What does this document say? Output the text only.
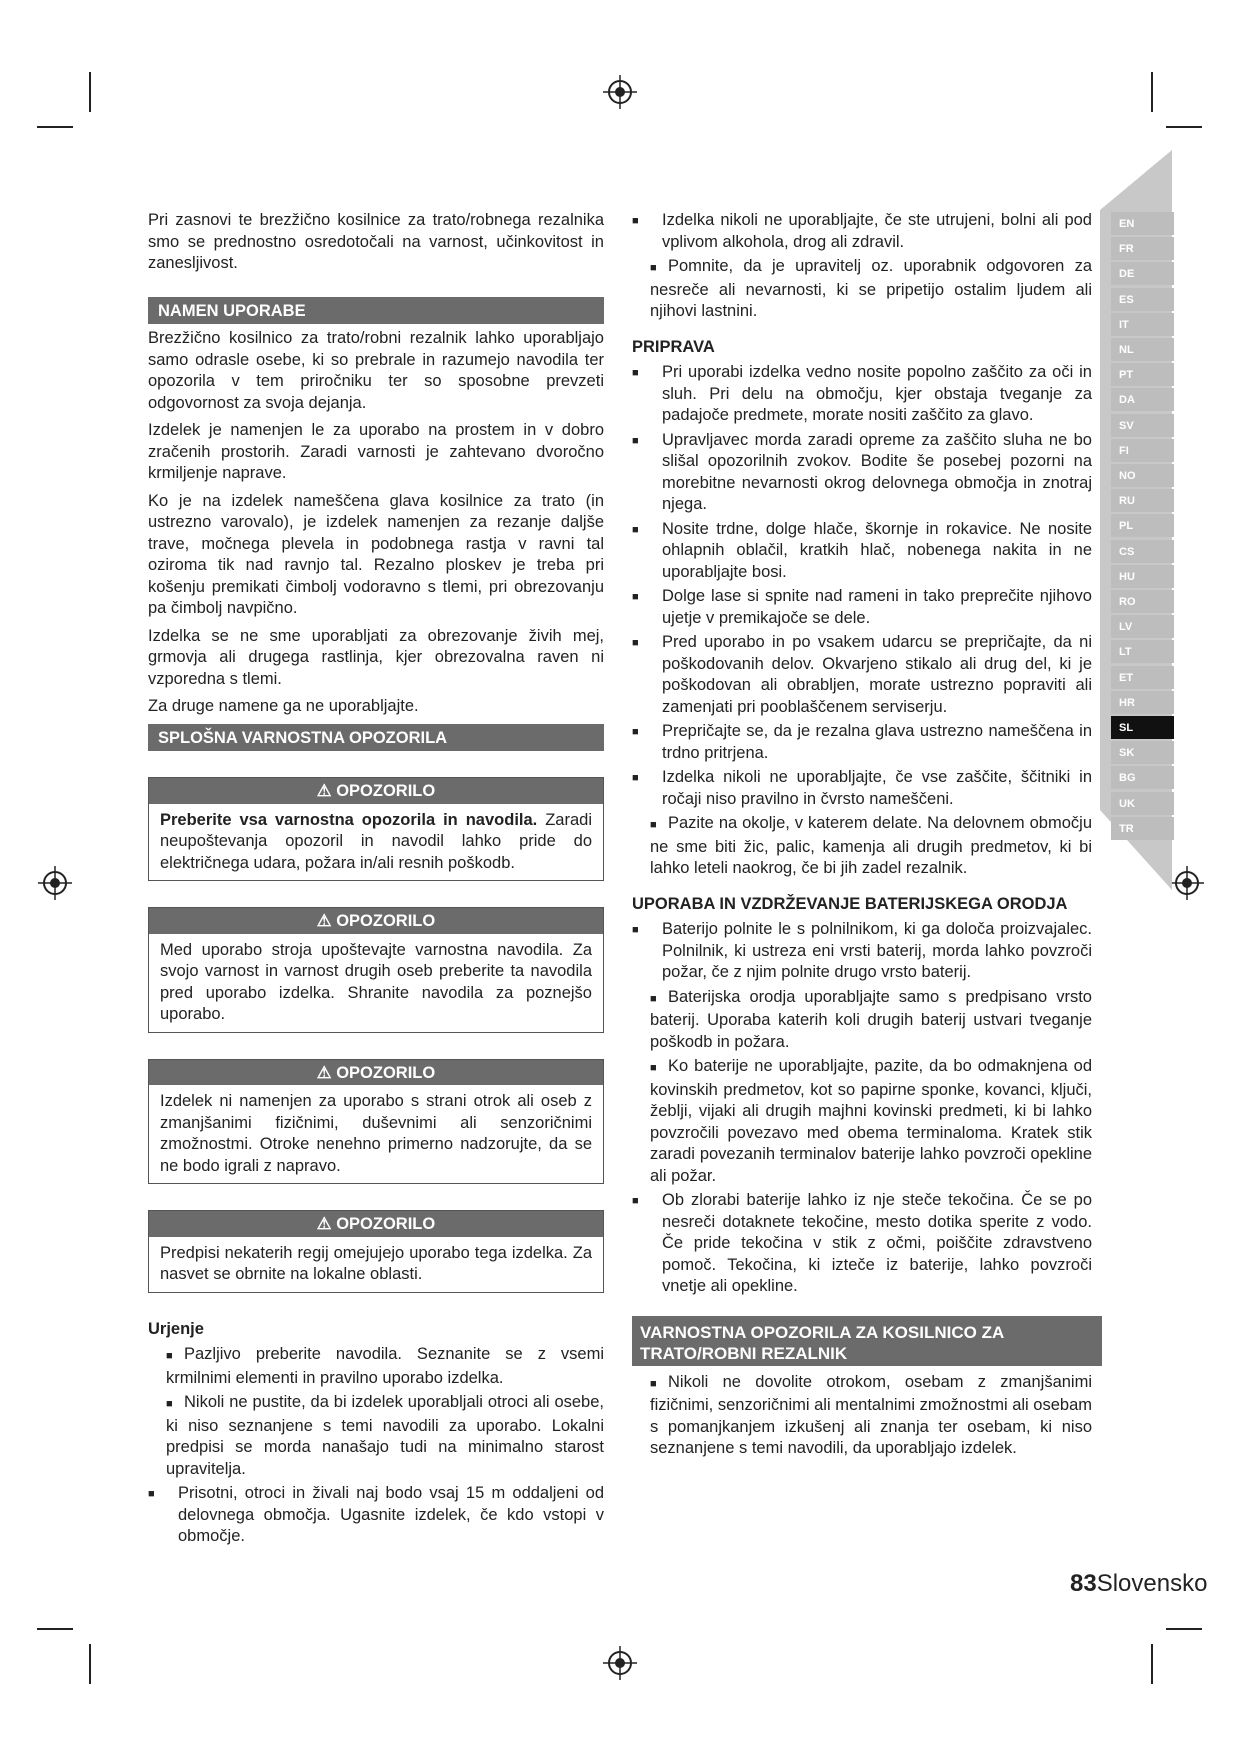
EN
FR
DE
ES
IT
NL
PT
DA
SV
FI
NO
RU
PL
CS
HU
RO
LV
LT
ET
HR
SL
SK
BG
UK
TR

Pri zasnovi te brezžično kosilnice za trato/robnega rezalnika smo se prednostno osredotočali na varnost, učinkovitost in zanesljivost.

NAMEN UPORABE

Brezžično kosilnico za trato/robni rezalnik lahko uporabljajo samo odrasle osebe, ki so prebrale in razumejo navodila ter opozorila v tem priročniku ter so sposobne prevzeti odgovornost za svoja dejanja.

Izdelek je namenjen le za uporabo na prostem in v dobro zračenih prostorih. Zaradi varnosti je zahtevano dvoročno krmiljenje naprave.

Ko je na izdelek nameščena glava kosilnice za trato (in ustrezno varovalo), je izdelek namenjen za rezanje daljše trave, močnega plevela in podobnega rastja v ravni tal oziroma tik nad ravnjo tal. Rezalno ploskev je treba pri košenju premikati čimbolj vodoravno s tlemi, pri obrezovanju pa čimbolj navpično.

Izdelka se ne sme uporabljati za obrezovanje živih mej, grmovja ali drugega rastlinja, kjer obrezovalna raven ni vzporedna s tlemi.

Za druge namene ga ne uporabljajte.

SPLOŠNA VARNOSTNA OPOZORILA
⚠ OPOZORILO
Preberite vsa varnostna opozorila in navodila. Zaradi neupoštevanja opozoril in navodil lahko pride do električnega udara, požara in/ali resnih poškodb.
⚠ OPOZORILO
Med uporabo stroja upoštevajte varnostna navodila. Za svojo varnost in varnost drugih oseb preberite ta navodila pred uporabo izdelka. Shranite navodila za poznejšo uporabo.
⚠ OPOZORILO
Izdelek ni namenjen za uporabo s strani otrok ali oseb z zmanjšanimi fizičnimi, duševnimi ali senzoričnimi zmožnostmi. Otroke nenehno primerno nadzorujte, da se ne bodo igrali z napravo.
⚠ OPOZORILO
Predpisi nekaterih regij omejujejo uporabo tega izdelka. Za nasvet se obrnite na lokalne oblasti.
Urjenje
■ Pazljivo preberite navodila. Seznanite se z vsemi krmilnimi elementi in pravilno uporabo izdelka.
■ Nikoli ne pustite, da bi izdelek uporabljali otroci ali osebe, ki niso seznanjene s temi navodili za uporabo. Lokalni predpisi se morda nanašajo tudi na minimalno starost upravitelja.
■ Prisotni, otroci in živali naj bodo vsaj 15 m oddaljeni od delovnega območja. Ugasnite izdelek, če kdo vstopi v območje.
■ Izdelka nikoli ne uporabljajte, če ste utrujeni, bolni ali pod vplivom alkohola, drog ali zdravil.
■ Pomnite, da je upravitelj oz. uporabnik odgovoren za nesreče ali nevarnosti, ki se pripetijo ostalim ljudem ali njihovi lastnini.
PRIPRAVA
■ Pri uporabi izdelka vedno nosite popolno zaščito za oči in sluh. Pri delu na območju, kjer obstaja tveganje za padajoče predmete, morate nositi zaščito za glavo.
■ Upravljavec morda zaradi opreme za zaščito sluha ne bo slišal opozorilnih zvokov. Bodite še posebej pozorni na morebitne nevarnosti okrog delovnega območja in znotraj njega.
■ Nosite trdne, dolge hlače, škornje in rokavice. Ne nosite ohlapnih oblačil, kratkih hlač, nobenega nakita in ne uporabljajte bosi.
■ Dolge lase si spnite nad rameni in tako preprečite njihovo ujetje v premikajoče se dele.
■ Pred uporabo in po vsakem udarcu se prepričajte, da ni poškodovanih delov. Okvarjeno stikalo ali drug del, ki je poškodovan ali obrabljen, morate ustrezno popraviti ali zamenjati pri pooblaščenem serviserju.
■ Prepričajte se, da je rezalna glava ustrezno nameščena in trdno pritrjena.
■ Izdelka nikoli ne uporabljajte, če vse zaščite, ščitniki in ročaji niso pravilno in čvrsto nameščeni.
■ Pazite na okolje, v katerem delate. Na delovnem območju ne sme biti žic, palic, kamenja ali drugih predmetov, ki bi lahko leteli naokrog, če bi jih zadel rezalnik.
UPORABA IN VZDRŽEVANJE BATERIJSKEGA ORODJA
■ Baterijo polnite le s polnilnikom, ki ga določa proizvajalec. Polnilnik, ki ustreza eni vrsti baterij, morda lahko povzroči požar, če z njim polnite drugo vrsto baterij.
■ Baterijska orodja uporabljajte samo s predpisano vrsto baterij. Uporaba katerih koli drugih baterij ustvari tveganje poškodb in požara.
■ Ko baterije ne uporabljajte, pazite, da bo odmaknjena od kovinskih predmetov, kot so papirne sponke, kovanci, ključi, žeblji, vijaki ali drugih majhni kovinski predmeti, ki bi lahko povzročili povezavo med obema terminaloma. Kratek stik zaradi povezanih terminalov baterije lahko povzroči opekline ali požar.
■ Ob zlorabi baterije lahko iz nje steče tekočina. Če se po nesreči dotaknete tekočine, mesto dotika sperite z vodo. Če pride tekočina v stik z očmi, poiščite zdravstveno pomoč. Tekočina, ki izteče iz baterije, lahko povzroči vnetje ali opekline.
VARNOSTNA OPOZORILA ZA KOSILNICO ZA TRATO/ROBNI REZALNIK
■ Nikoli ne dovolite otrokom, osebam z zmanjšanimi fizičnimi, senzoričnimi ali mentalnimi zmožnostmi ali osebam s pomanjkanjem izkušenj ali znanja ter osebam, ki niso seznanjene s temi navodili, da uporabljajo izdelek.
83Slovensko
